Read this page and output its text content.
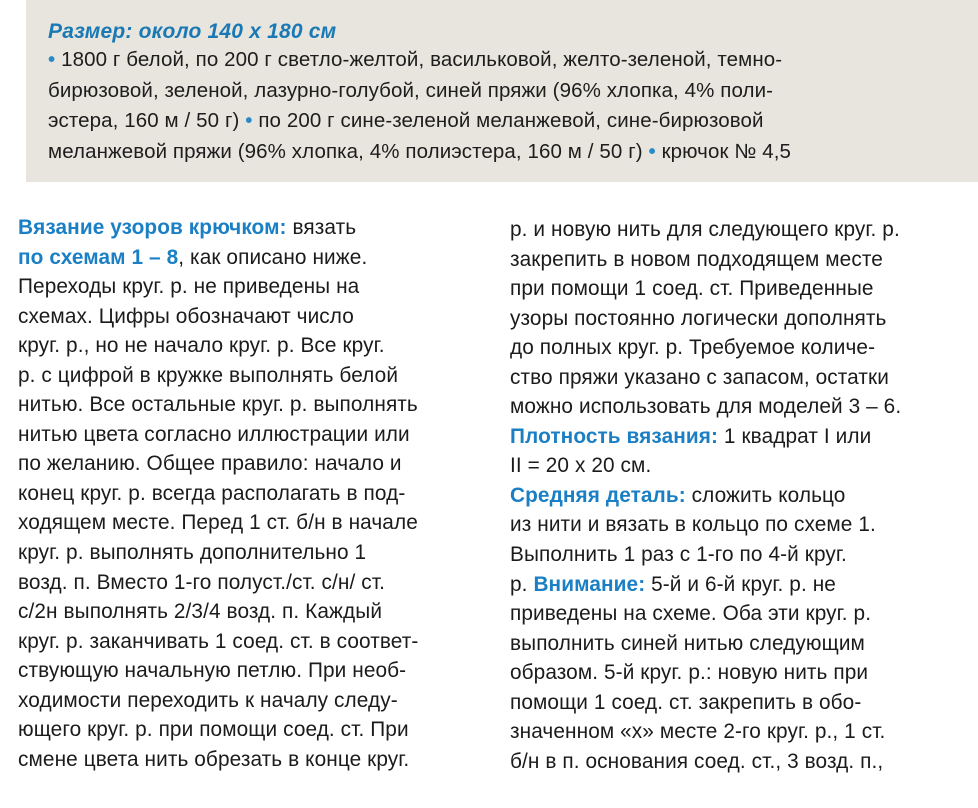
Размер: около 140 х 180 см
• 1800 г белой, по 200 г светло-желтой, васильковой, желто-зеленой, темно-
бирюзовой, зеленой, лазурно-голубой, синей пряжи (96% хлопка, 4% поли-
эстера, 160 м / 50 г) • по 200 г сине-зеленой меланжевой, сине-бирюзовой
меланжевой пряжи (96% хлопка, 4% полиэстера, 160 м / 50 г) • крючок № 4,5
Вязание узоров крючком: вязать
по схемам 1 – 8, как описано ниже.
Переходы круг. р. не приведены на
схемах. Цифры обозначают число
круг. р., но не начало круг. р. Все круг.
р. с цифрой в кружке выполнять белой
нитью. Все остальные круг. р. выполнять
нитью цвета согласно иллюстрации или
по желанию. Общее правило: начало и
конец круг. р. всегда располагать в под-
ходящем месте. Перед 1 ст. б/н в начале
круг. р. выполнять дополнительно 1
возд. п. Вместо 1-го полуст./ст. с/н/ ст.
с/2н выполнять 2/3/4 возд. п. Каждый
круг. р. заканчивать 1 соед. ст. в соответ-
ствующую начальную петлю. При необ-
ходимости переходить к началу следу-
ющего круг. р. при помощи соед. ст. При
смене цвета нить обрезать в конце круг.
р. и новую нить для следующего круг. р.
закрепить в новом подходящем месте
при помощи 1 соед. ст. Приведенные
узоры постоянно логически дополнять
до полных круг. р. Требуемое количе-
ство пряжи указано с запасом, остатки
можно использовать для моделей 3 – 6.
Плотность вязания: 1 квадрат I или
II = 20 х 20 см.
Средняя деталь: сложить кольцо
из нити и вязать в кольцо по схеме 1.
Выполнить 1 раз с 1-го по 4-й круг.
р. Внимание: 5-й и 6-й круг. р. не
приведены на схеме. Оба эти круг. р.
выполнить синей нитью следующим
образом. 5-й круг. р.: новую нить при
помощи 1 соед. ст. закрепить в обо-
значенном «х» месте 2-го круг. р., 1 ст.
б/н в п. основания соед. ст., 3 возд. п.,
